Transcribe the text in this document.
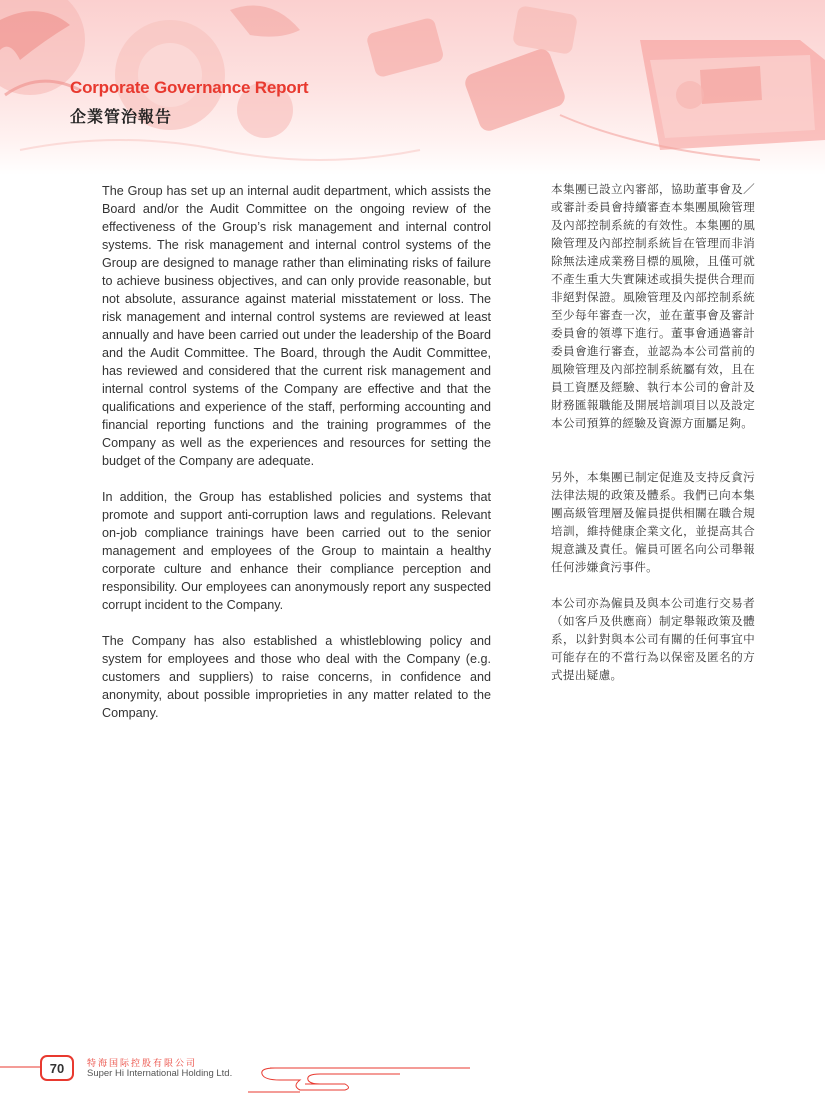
Corporate Governance Report
企業管治報告

The Group has set up an internal audit department, which assists the Board and/or the Audit Committee on the ongoing review of the effectiveness of the Group’s risk management and internal control systems. The risk management and internal control systems of the Group are designed to manage rather than eliminating risks of failure to achieve business objectives, and can only provide reasonable, but not absolute, assurance against material misstatement or loss. The risk management and internal control systems are reviewed at least annually and have been carried out under the leadership of the Board and the Audit Committee. The Board, through the Audit Committee, has reviewed and considered that the current risk management and internal control systems of the Company are effective and that the qualifications and experience of the staff, performing accounting and financial reporting functions and the training programmes of the Company as well as the experiences and resources for setting the budget of the Company are adequate.

In addition, the Group has established policies and systems that promote and support anti-corruption laws and regulations. Relevant on-job compliance trainings have been carried out to the senior management and employees of the Group to maintain a healthy corporate culture and enhance their compliance perception and responsibility. Our employees can anonymously report any suspected corrupt incident to the Company.

The Company has also established a whistleblowing policy and system for employees and those who deal with the Company (e.g. customers and suppliers) to raise concerns, in confidence and anonymity, about possible improprieties in any matter related to the Company.

本集團已設立內審部，協助董事會及／或審計委員會持續審查本集團風險管理及內部控制系統的有效性。本集團的風險管理及內部控制系統旨在管理而非消除無法達成業務目標的風險，且僅可就不產生重大失實陳述或損失提供合理而非絕對保證。風險管理及內部控制系統至少每年審查一次，並在董事會及審計委員會的領導下進行。董事會通過審計委員會進行審查，並認為本公司當前的風險管理及內部控制系統屬有效，且在員工資歷及經驗、執行本公司的會計及財務匯報職能及開展培訓項目以及設定本公司預算的經驗及資源方面屬足夠。

另外，本集團已制定促進及支持反貪污法律法規的政策及體系。我們已向本集團高級管理層及僱員提供相關在職合規培訓，維持健康企業文化，並提高其合規意識及責任。僱員可匿名向公司舉報任何涉嫌貪污事件。

本公司亦為僱員及與本公司進行交易者（如客戶及供應商）制定舉報政策及體系，以針對與本公司有關的任何事宜中可能存在的不當行為以保密及匿名的方式提出疑慮。

70	特海国际控股有限公司
Super Hi International Holding Ltd.
